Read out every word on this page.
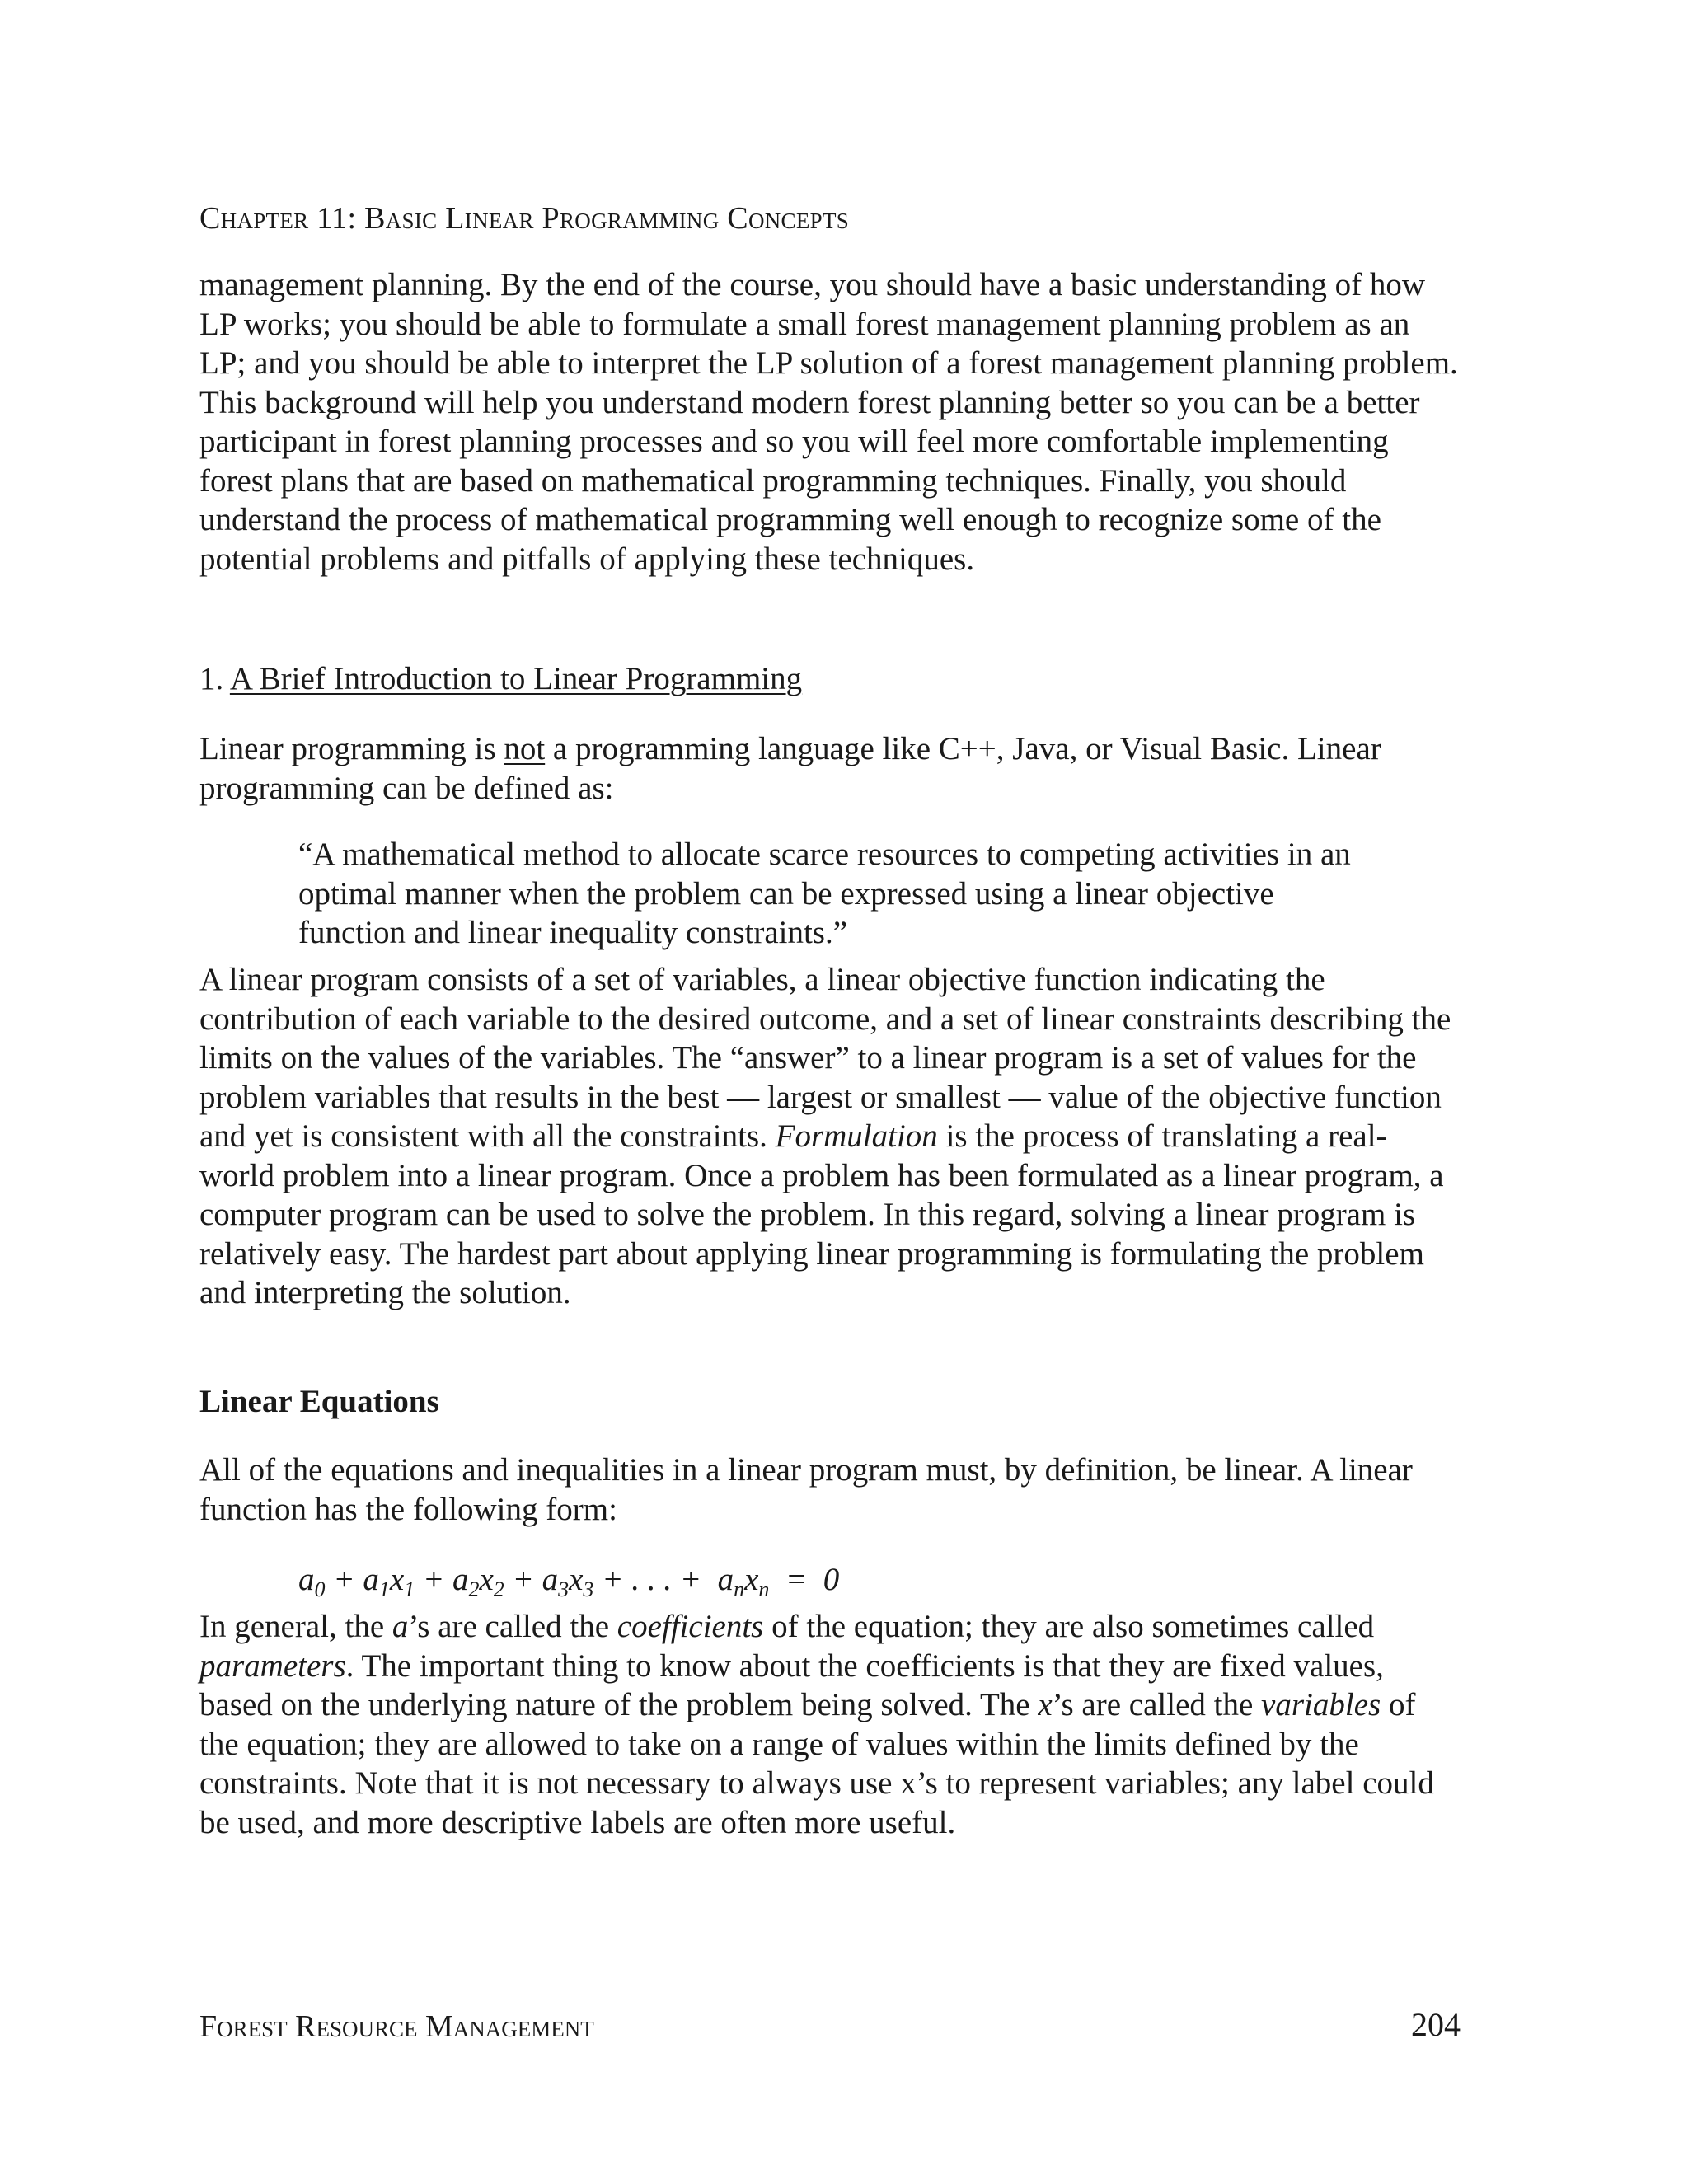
Chapter 11: Basic Linear Programming Concepts

management planning. By the end of the course, you should have a basic understanding of how LP works; you should be able to formulate a small forest management planning problem as an LP; and you should be able to interpret the LP solution of a forest management planning problem. This background will help you understand modern forest planning better so you can be a better participant in forest planning processes and so you will feel more comfortable implementing forest plans that are based on mathematical programming techniques. Finally, you should understand the process of mathematical programming well enough to recognize some of the potential problems and pitfalls of applying these techniques.

1. A Brief Introduction to Linear Programming

Linear programming is not a programming language like C++, Java, or Visual Basic. Linear programming can be defined as:

“A mathematical method to allocate scarce resources to competing activities in an optimal manner when the problem can be expressed using a linear objective function and linear inequality constraints.”

A linear program consists of a set of variables, a linear objective function indicating the contribution of each variable to the desired outcome, and a set of linear constraints describing the limits on the values of the variables. The “answer” to a linear program is a set of values for the problem variables that results in the best — largest or smallest — value of the objective function and yet is consistent with all the constraints. Formulation is the process of translating a real-world problem into a linear program. Once a problem has been formulated as a linear program, a computer program can be used to solve the problem. In this regard, solving a linear program is relatively easy. The hardest part about applying linear programming is formulating the problem and interpreting the solution.

Linear Equations

All of the equations and inequalities in a linear program must, by definition, be linear. A linear function has the following form:

$a_0 + a_1x_1 + a_2x_2 + a_3x_3$ + . . . +  $a_nx_n = 0$

In general, the a’s are called the coefficients of the equation; they are also sometimes called parameters. The important thing to know about the coefficients is that they are fixed values, based on the underlying nature of the problem being solved. The x’s are called the variables of the equation; they are allowed to take on a range of values within the limits defined by the constraints. Note that it is not necessary to always use x’s to represent variables; any label could be used, and more descriptive labels are often more useful.

Forest Resource Management	204
